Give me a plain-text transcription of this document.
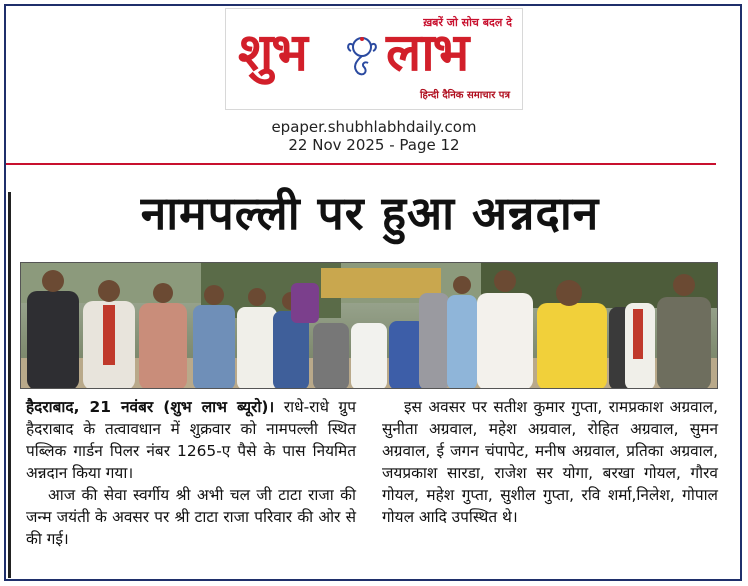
ख़बरें जो सोच बदल दे
शुभ लाभ
हिन्दी दैनिक समाचार पत्र
epaper.shubhlabhdaily.com
22 Nov 2025 - Page 12
नामपल्ली पर हुआ अन्नदान

हैदराबाद, 21 नवंबर (शुभ लाभ ब्यूरो)। राधे-राधे ग्रुप हैदराबाद के तत्वावधान में शुक्रवार को नामपल्ली स्थित पब्लिक गार्डन पिलर नंबर 1265-ए पैसे के पास नियमित अन्नदान किया गया।

आज की सेवा स्वर्गीय श्री अभी चल जी टाटा राजा की जन्म जयंती के अवसर पर श्री टाटा राजा परिवार की ओर से की गई।

इस अवसर पर सतीश कुमार गुप्ता, रामप्रकाश अग्रवाल, सुनीता अग्रवाल, महेश अग्रवाल, रोहित अग्रवाल, सुमन अग्रवाल, ई जगन चंपापेट, मनीष अग्रवाल, प्रतिका अग्रवाल, जयप्रकाश सारडा, राजेश सर योगा, बरखा गोयल, गौरव गोयल, महेश गुप्ता, सुशील गुप्ता, रवि शर्मा,निलेश, गोपाल गोयल आदि उपस्थित थे।
